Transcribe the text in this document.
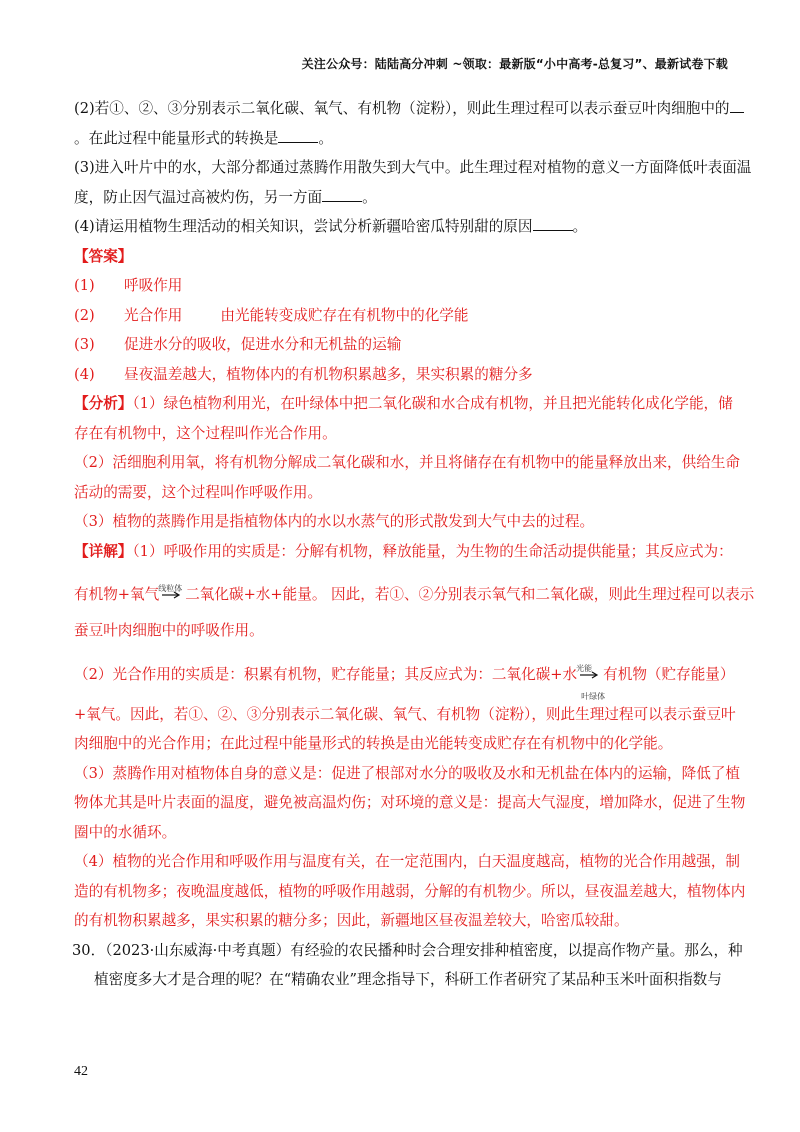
关注公众号：陆陆高分冲刺 ~领取：最新版“小中高考-总复习”、最新试卷下载
(2)若①、②、③分别表示二氧化碳、氧气、有机物（淀粉），则此生理过程可以表示蚕豆叶肉细胞中的
。在此过程中能量形式的转换是	。
(3)进入叶片中的水，大部分都通过蒸腾作用散失到大气中。此生理过程对植物的意义一方面降低叶表面温
度，防止因气温过高被灼伤，另一方面	。
(4)请运用植物生理活动的相关知识，尝试分析新疆哈密瓜特别甜的原因	。
【答案】
(1)	呼吸作用
(2)	光合作用	由光能转变成贮存在有机物中的化学能
(3)	促进水分的吸收，促进水分和无机盐的运输
(4)	昼夜温差越大，植物体内的有机物积累越多，果实积累的糖分多
【分析】（1）绿色植物利用光，在叶绿体中把二氧化碳和水合成有机物，并且把光能转化成化学能，储
存在有机物中，这个过程叫作光合作用。
（2）活细胞利用氧，将有机物分解成二氧化碳和水，并且将储存在有机物中的能量释放出来，供给生命
活动的需要，这个过程叫作呼吸作用。
（3）植物的蒸腾作用是指植物体内的水以水蒸气的形式散发到大气中去的过程。
【详解】（1）呼吸作用的实质是：分解有机物，释放能量，为生物的生命活动提供能量；其反应式为：
有机物+氧气 线粒体 二氧化碳+水+能量。 因此，若①、②分别表示氧气和二氧化碳，则此生理过程可以表示
蚕豆叶肉细胞中的呼吸作用。
（2）光合作用的实质是：积累有机物，贮存能量；其反应式为：二氧化碳+水 光能
叶绿体
有机物（贮存能量）
+氧气。因此，若①、②、③分别表示二氧化碳、氧气、有机物（淀粉），则此生理过程可以表示蚕豆叶
肉细胞中的光合作用；在此过程中能量形式的转换是由光能转变成贮存在有机物中的化学能。
（3）蒸腾作用对植物体自身的意义是：促进了根部对水分的吸收及水和无机盐在体内的运输，降低了植
物体尤其是叶片表面的温度，避免被高温灼伤；对环境的意义是：提高大气湿度，增加降水，促进了生物
圈中的水循环。
（4）植物的光合作用和呼吸作用与温度有关，在一定范围内，白天温度越高，植物的光合作用越强，制
造的有机物多；夜晚温度越低，植物的呼吸作用越弱，分解的有机物少。所以，昼夜温差越大，植物体内
的有机物积累越多，果实积累的糖分多；因此，新疆地区昼夜温差较大，哈密瓜较甜。
30．（2023·山东威海·中考真题）有经验的农民播种时会合理安排种植密度，以提高作物产量。那么，种
植密度多大才是合理的呢？在“精确农业”理念指导下，科研工作者研究了某品种玉米叶面积指数与
42
